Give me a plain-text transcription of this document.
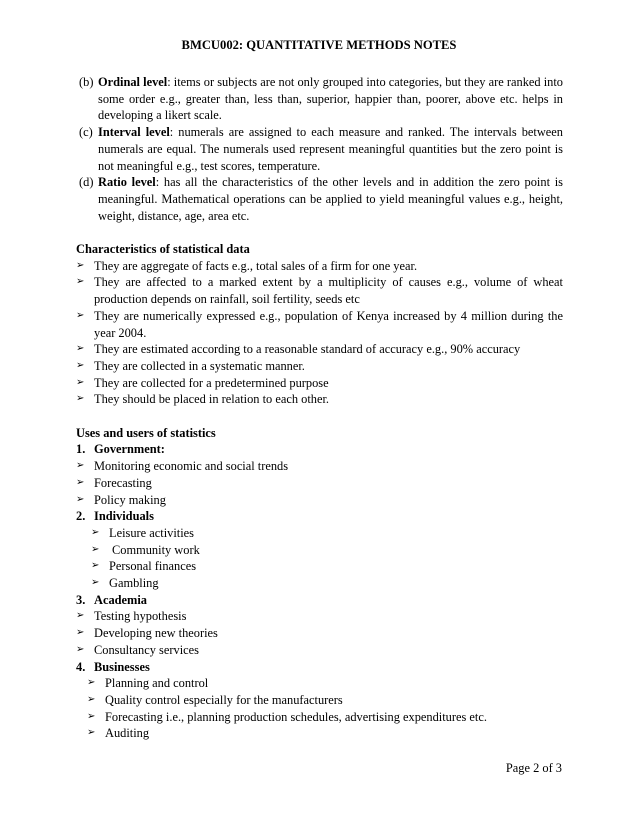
BMCU002: QUANTITATIVE METHODS NOTES
(b) Ordinal level: items or subjects are not only grouped into categories, but they are ranked into some order e.g., greater than, less than, superior, happier than, poorer, above etc. helps in developing a likert scale.
(c) Interval level: numerals are assigned to each measure and ranked. The intervals between numerals are equal. The numerals used represent meaningful quantities but the zero point is not meaningful e.g., test scores, temperature.
(d) Ratio level: has all the characteristics of the other levels and in addition the zero point is meaningful. Mathematical operations can be applied to yield meaningful values e.g., height, weight, distance, age, area etc.
Characteristics of statistical data
➢ They are aggregate of facts e.g., total sales of a firm for one year.
➢ They are affected to a marked extent by a multiplicity of causes e.g., volume of wheat production depends on rainfall, soil fertility, seeds etc
➢ They are numerically expressed e.g., population of Kenya increased by 4 million during the year 2004.
➢ They are estimated according to a reasonable standard of accuracy e.g., 90% accuracy
➢ They are collected in a systematic manner.
➢ They are collected for a predetermined purpose
➢ They should be placed in relation to each other.
Uses and users of statistics
1. Government:
➢ Monitoring economic and social trends
➢ Forecasting
➢ Policy making
2. Individuals
➢ Leisure activities
➢ Community work
➢ Personal finances
➢ Gambling
3. Academia
➢ Testing hypothesis
➢ Developing new theories
➢ Consultancy services
4. Businesses
➢ Planning and control
➢ Quality control especially for the manufacturers
➢ Forecasting i.e., planning production schedules, advertising expenditures etc.
➢ Auditing
Page 2 of 3
